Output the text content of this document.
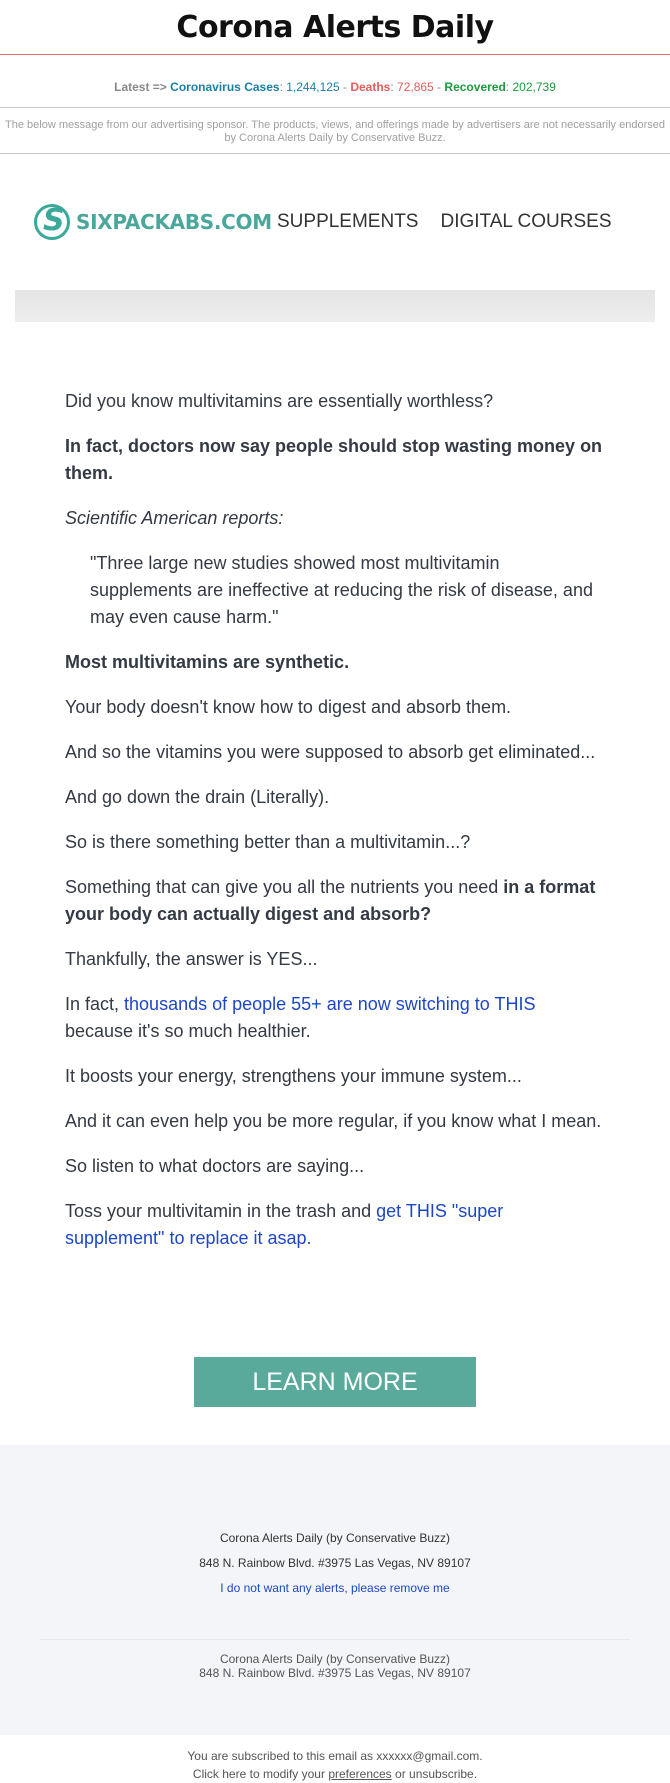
Corona Alerts Daily
Latest =>
Coronavirus Cases :
1,244,125
-
Deaths :
72,865
-
Recovered :
202,739
The below message from our advertising sponsor. The products, views, and offerings made by advertisers are not necessarily endorsed by Corona Alerts Daily by Conservative Buzz.
S SIXPACKABS.COM SUPPLEMENTS DIGITAL COURSES

Did you know multivitamins are essentially worthless?

In fact, doctors now say people should stop wasting money on them.

Scientific American reports:

"Three large new studies showed most multivitamin supplements are ineffective at reducing the risk of disease, and may even cause harm."

Most multivitamins are synthetic.

Your body doesn't know how to digest and absorb them.

And so the vitamins you were supposed to absorb get eliminated...

And go down the drain (Literally).

So is there something better than a multivitamin...?

Something that can give you all the nutrients you need in a format your body can actually digest and absorb?

Thankfully, the answer is YES...

In fact, thousands of people 55+ are now switching to THIS because it's so much healthier.

It boosts your energy, strengthens your immune system...

And it can even help you be more regular, if you know what I mean.

So listen to what doctors are saying...

Toss your multivitamin in the trash and get THIS "super supplement" to replace it asap.

LEARN MORE
Corona Alerts Daily (by Conservative Buzz)
848 N. Rainbow Blvd. #3975 Las Vegas, NV 89107
I do not want any alerts, please remove me
Corona Alerts Daily (by Conservative Buzz)
848 N. Rainbow Blvd. #3975 Las Vegas, NV 89107
You are subscribed to this email as xxxxxx@gmail.com.
Click here to modify your preferences or unsubscribe.
